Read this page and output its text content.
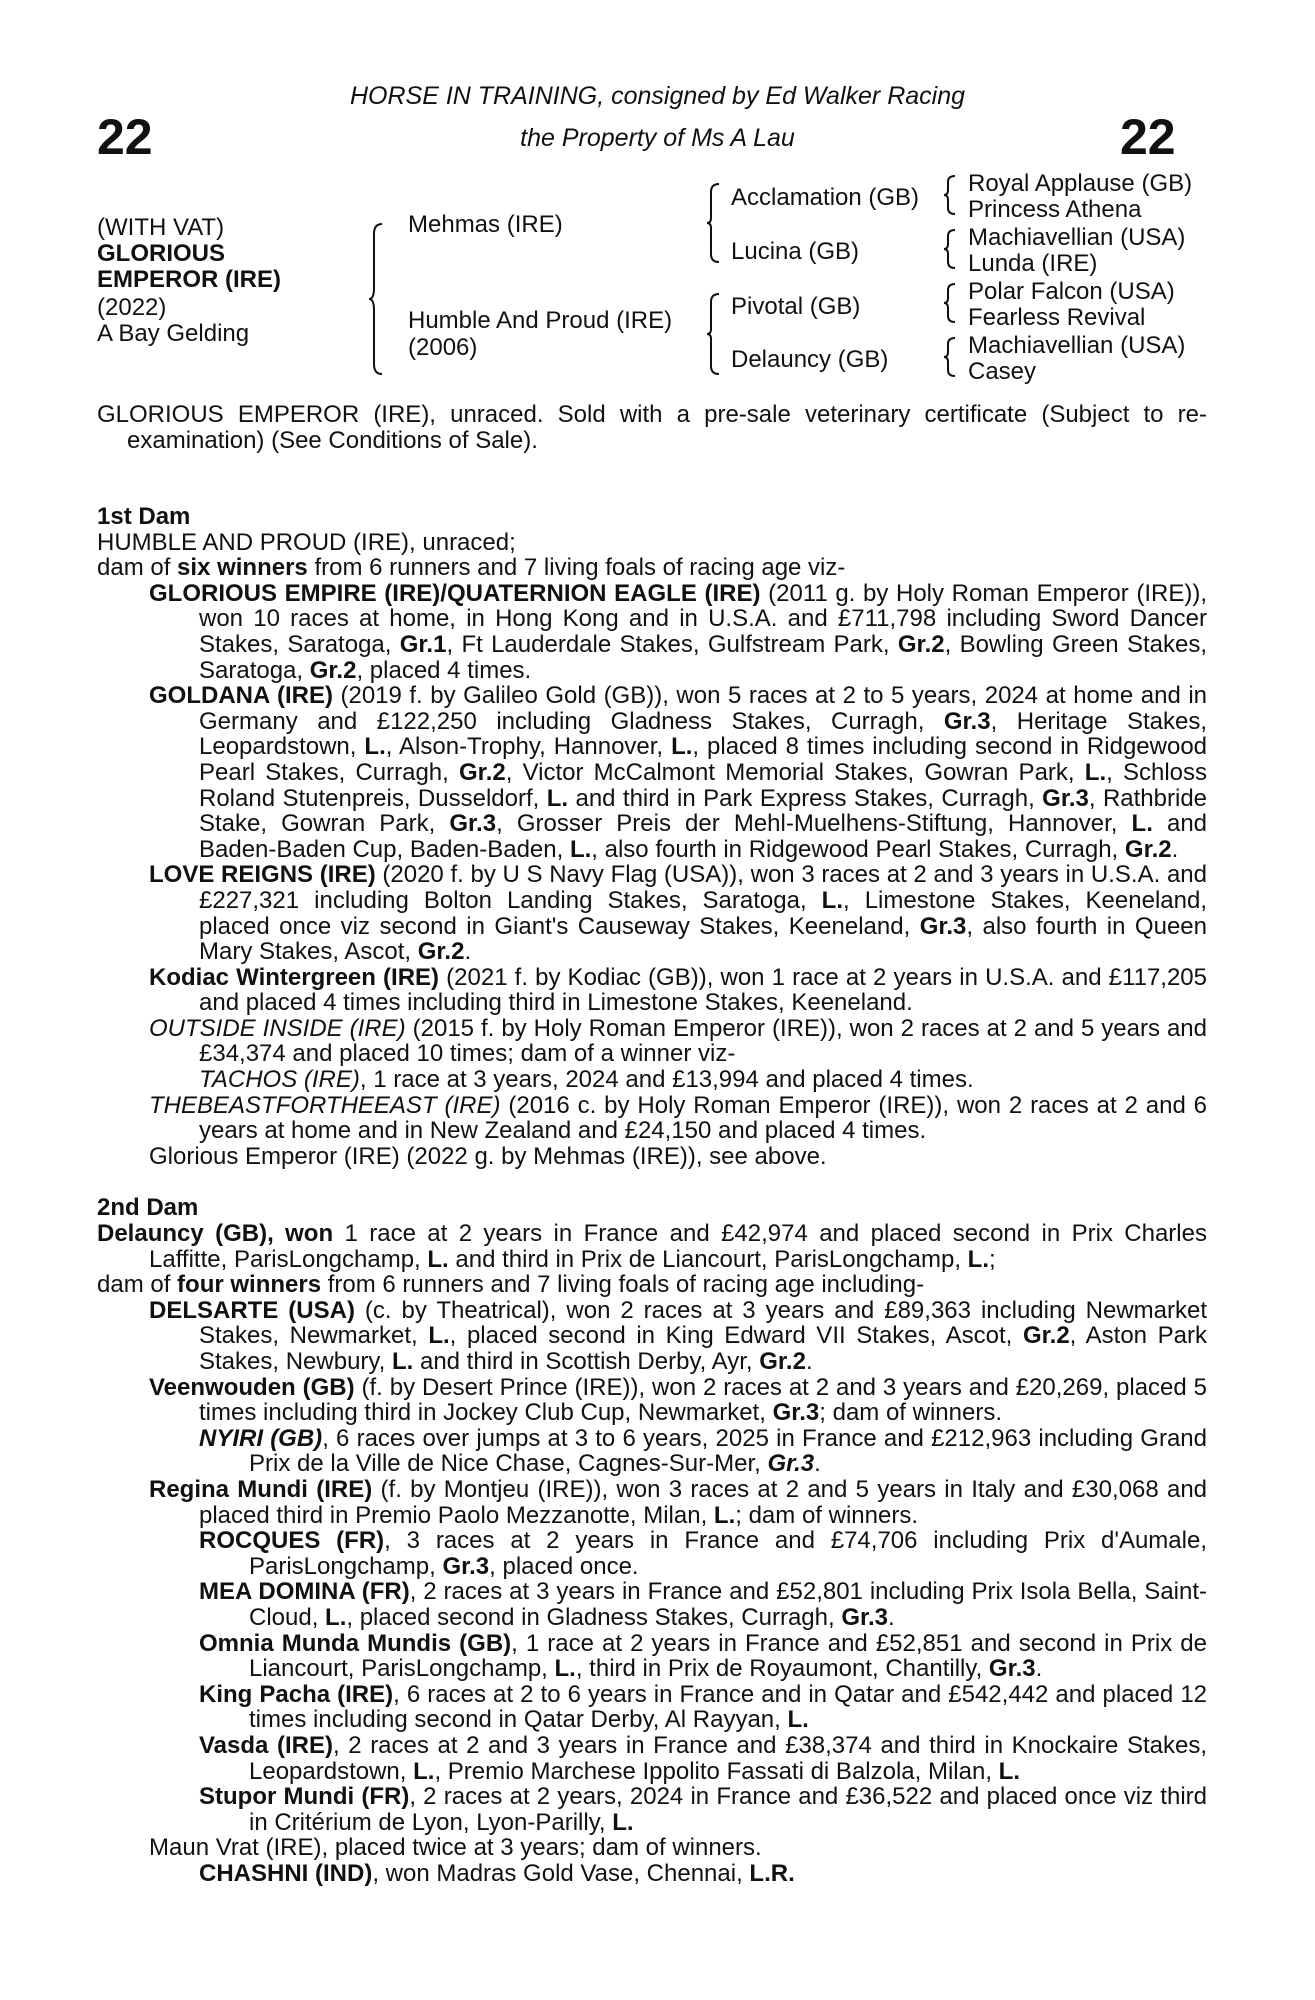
22	22
HORSE IN TRAINING, consigned by Ed Walker Racing
the Property of Ms A Lau
(WITH VAT)
GLORIOUS
EMPEROR (IRE)
(2022)
A Bay Gelding
Mehmas (IRE)
Humble And Proud (IRE)
(2006)
Acclamation (GB)
Lucina (GB)
Pivotal (GB)
Delauncy (GB)
Royal Applause (GB)
Princess Athena
Machiavellian (USA)
Lunda (IRE)
Polar Falcon (USA)
Fearless Revival
Machiavellian (USA)
Casey

GLORIOUS EMPEROR (IRE), unraced. Sold with a pre-sale veterinary certificate (Subject to re-examination) (See Conditions of Sale).

1st Dam

HUMBLE AND PROUD (IRE), unraced;

dam of six winners from 6 runners and 7 living foals of racing age viz-

GLORIOUS EMPIRE (IRE)/QUATERNION EAGLE (IRE) (2011 g. by Holy Roman Emperor (IRE)), won 10 races at home, in Hong Kong and in U.S.A. and £711,798 including Sword Dancer Stakes, Saratoga, Gr.1, Ft Lauderdale Stakes, Gulfstream Park, Gr.2, Bowling Green Stakes, Saratoga, Gr.2, placed 4 times.

GOLDANA (IRE) (2019 f. by Galileo Gold (GB)), won 5 races at 2 to 5 years, 2024 at home and in Germany and £122,250 including Gladness Stakes, Curragh, Gr.3, Heritage Stakes, Leopardstown, L., Alson-Trophy, Hannover, L., placed 8 times including second in Ridgewood Pearl Stakes, Curragh, Gr.2, Victor McCalmont Memorial Stakes, Gowran Park, L., Schloss Roland Stutenpreis, Dusseldorf, L. and third in Park Express Stakes, Curragh, Gr.3, Rathbride Stake, Gowran Park, Gr.3, Grosser Preis der Mehl-Muelhens-Stiftung, Hannover, L. and Baden-Baden Cup, Baden-Baden, L., also fourth in Ridgewood Pearl Stakes, Curragh, Gr.2.

LOVE REIGNS (IRE) (2020 f. by U S Navy Flag (USA)), won 3 races at 2 and 3 years in U.S.A. and £227,321 including Bolton Landing Stakes, Saratoga, L., Limestone Stakes, Keeneland, placed once viz second in Giant's Causeway Stakes, Keeneland, Gr.3, also fourth in Queen Mary Stakes, Ascot, Gr.2.

Kodiac Wintergreen (IRE) (2021 f. by Kodiac (GB)), won 1 race at 2 years in U.S.A. and £117,205 and placed 4 times including third in Limestone Stakes, Keeneland.

OUTSIDE INSIDE (IRE) (2015 f. by Holy Roman Emperor (IRE)), won 2 races at 2 and 5 years and £34,374 and placed 10 times; dam of a winner viz-

TACHOS (IRE), 1 race at 3 years, 2024 and £13,994 and placed 4 times.

THEBEASTFORTHEEAST (IRE) (2016 c. by Holy Roman Emperor (IRE)), won 2 races at 2 and 6 years at home and in New Zealand and £24,150 and placed 4 times.

Glorious Emperor (IRE) (2022 g. by Mehmas (IRE)), see above.

2nd Dam

Delauncy (GB), won 1 race at 2 years in France and £42,974 and placed second in Prix Charles Laffitte, ParisLongchamp, L. and third in Prix de Liancourt, ParisLongchamp, L.;

dam of four winners from 6 runners and 7 living foals of racing age including-

DELSARTE (USA) (c. by Theatrical), won 2 races at 3 years and £89,363 including Newmarket Stakes, Newmarket, L., placed second in King Edward VII Stakes, Ascot, Gr.2, Aston Park Stakes, Newbury, L. and third in Scottish Derby, Ayr, Gr.2.

Veenwouden (GB) (f. by Desert Prince (IRE)), won 2 races at 2 and 3 years and £20,269, placed 5 times including third in Jockey Club Cup, Newmarket, Gr.3; dam of winners.

NYIRI (GB), 6 races over jumps at 3 to 6 years, 2025 in France and £212,963 including Grand Prix de la Ville de Nice Chase, Cagnes-Sur-Mer, Gr.3.

Regina Mundi (IRE) (f. by Montjeu (IRE)), won 3 races at 2 and 5 years in Italy and £30,068 and placed third in Premio Paolo Mezzanotte, Milan, L.; dam of winners.

ROCQUES (FR), 3 races at 2 years in France and £74,706 including Prix d'Aumale, ParisLongchamp, Gr.3, placed once.

MEA DOMINA (FR), 2 races at 3 years in France and £52,801 including Prix Isola Bella, Saint-Cloud, L., placed second in Gladness Stakes, Curragh, Gr.3.

Omnia Munda Mundis (GB), 1 race at 2 years in France and £52,851 and second in Prix de Liancourt, ParisLongchamp, L., third in Prix de Royaumont, Chantilly, Gr.3.

King Pacha (IRE), 6 races at 2 to 6 years in France and in Qatar and £542,442 and placed 12 times including second in Qatar Derby, Al Rayyan, L.

Vasda (IRE), 2 races at 2 and 3 years in France and £38,374 and third in Knockaire Stakes, Leopardstown, L., Premio Marchese Ippolito Fassati di Balzola, Milan, L.

Stupor Mundi (FR), 2 races at 2 years, 2024 in France and £36,522 and placed once viz third in Critérium de Lyon, Lyon-Parilly, L.

Maun Vrat (IRE), placed twice at 3 years; dam of winners.

CHASHNI (IND), won Madras Gold Vase, Chennai, L.R.
